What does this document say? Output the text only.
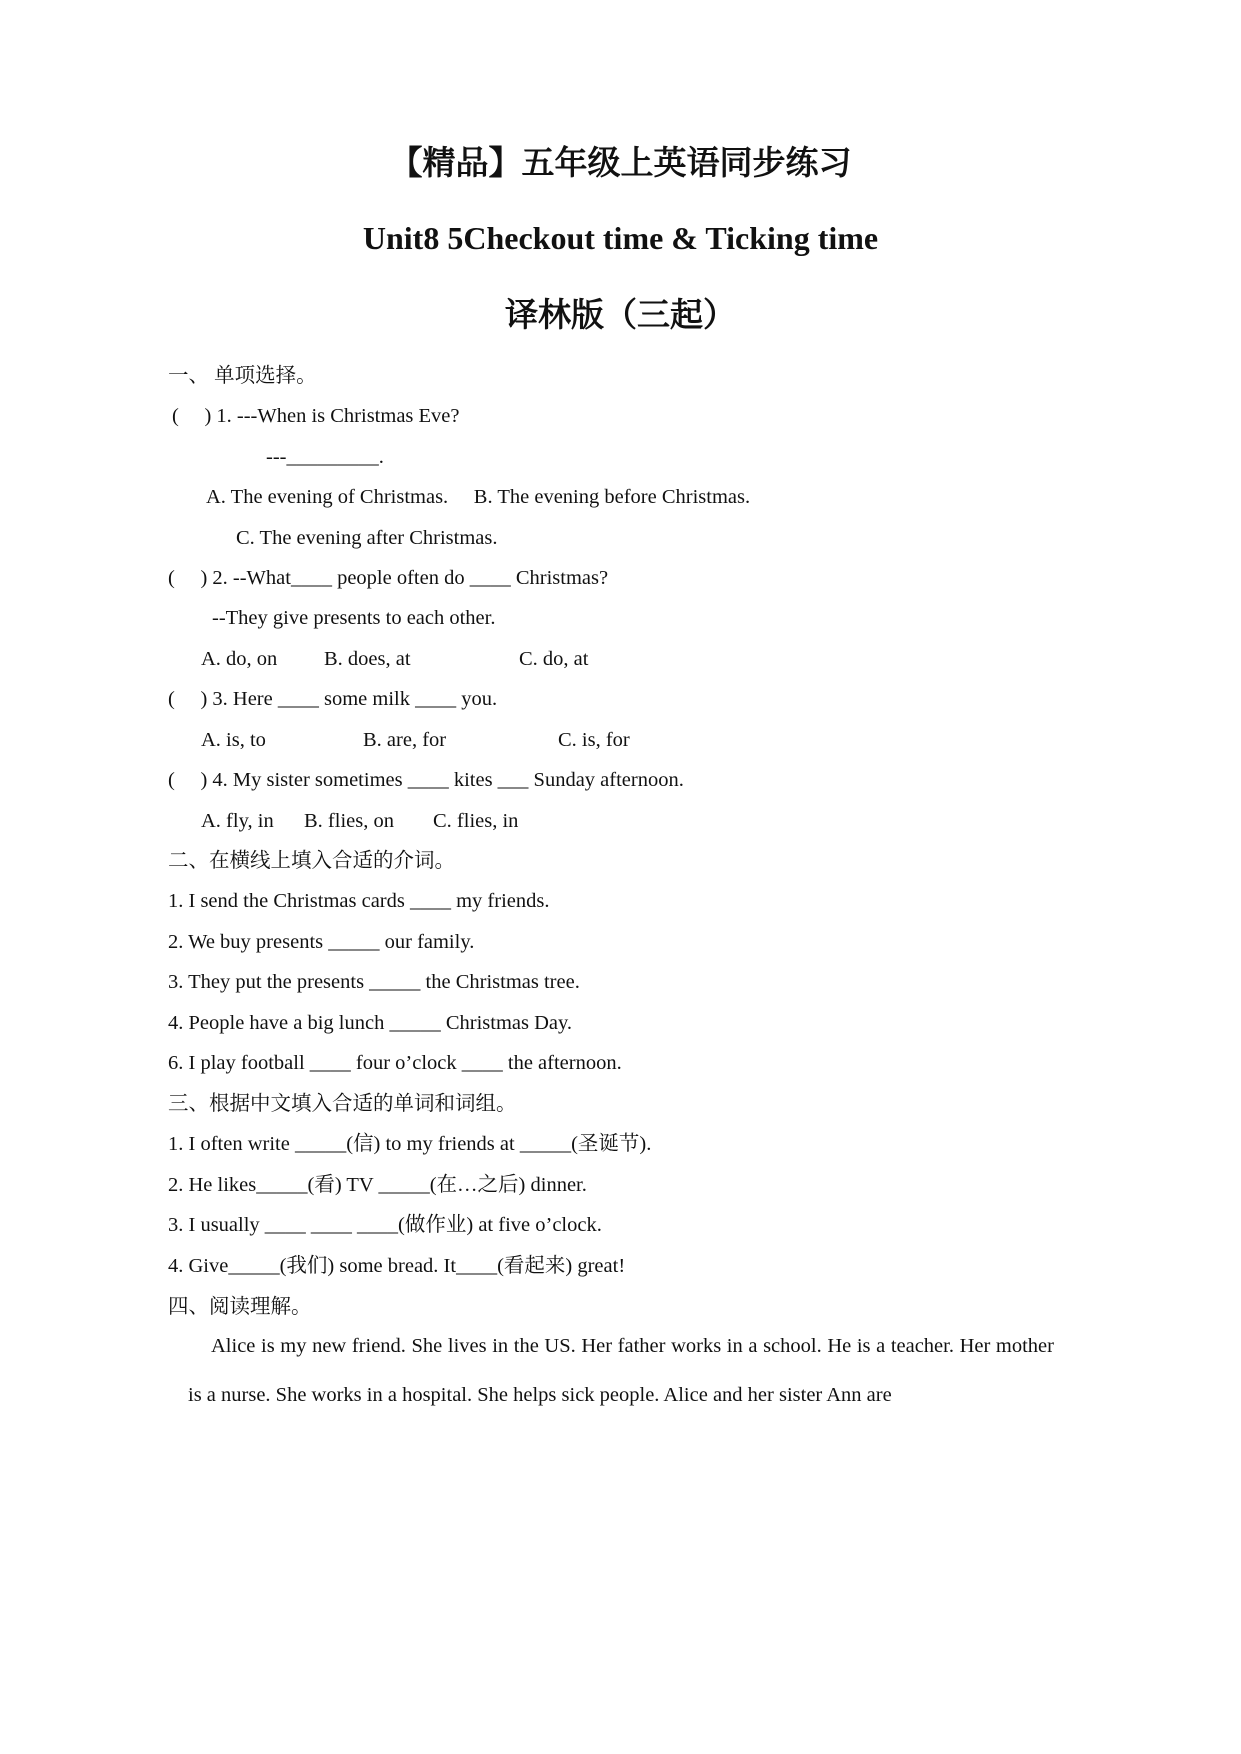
【精品】五年级上英语同步练习
Unit8 5Checkout time & Ticking time
译林版（三起）
一、 单项选择。
(     ) 1. ---When is Christmas Eve?
---_________.
A. The evening of Christmas.     B. The evening before Christmas.
C. The evening after Christmas.
(     ) 2. --What____ people often do ____ Christmas?
--They give presents to each other.
A. do, on B. does, at	C. do, at
(     ) 3. Here ____ some milk ____ you.
A. is, to	B. are, for	C. is, for
(     ) 4. My sister sometimes ____ kites ___ Sunday afternoon.
A. fly, in B. flies, on C. flies, in
二、在横线上填入合适的介词。
1. I send the Christmas cards ____ my friends.
2. We buy presents _____ our family.
3. They put the presents _____ the Christmas tree.
4. People have a big lunch _____ Christmas Day.
6. I play football ____ four o’clock ____ the afternoon.
三、根据中文填入合适的单词和词组。
1. I often write _____(信) to my friends at _____(圣诞节).
2. He likes_____(看) TV _____(在…之后) dinner.
3. I usually ____ ____ ____(做作业) at five o’clock.
4. Give_____(我们) some bread. It____(看起来) great!
四、阅读理解。
Alice is my new friend. She lives in the US. Her father works in a school. He is a teacher. Her mother is a nurse. She works in a hospital. She helps sick people. Alice and her sister Ann are
